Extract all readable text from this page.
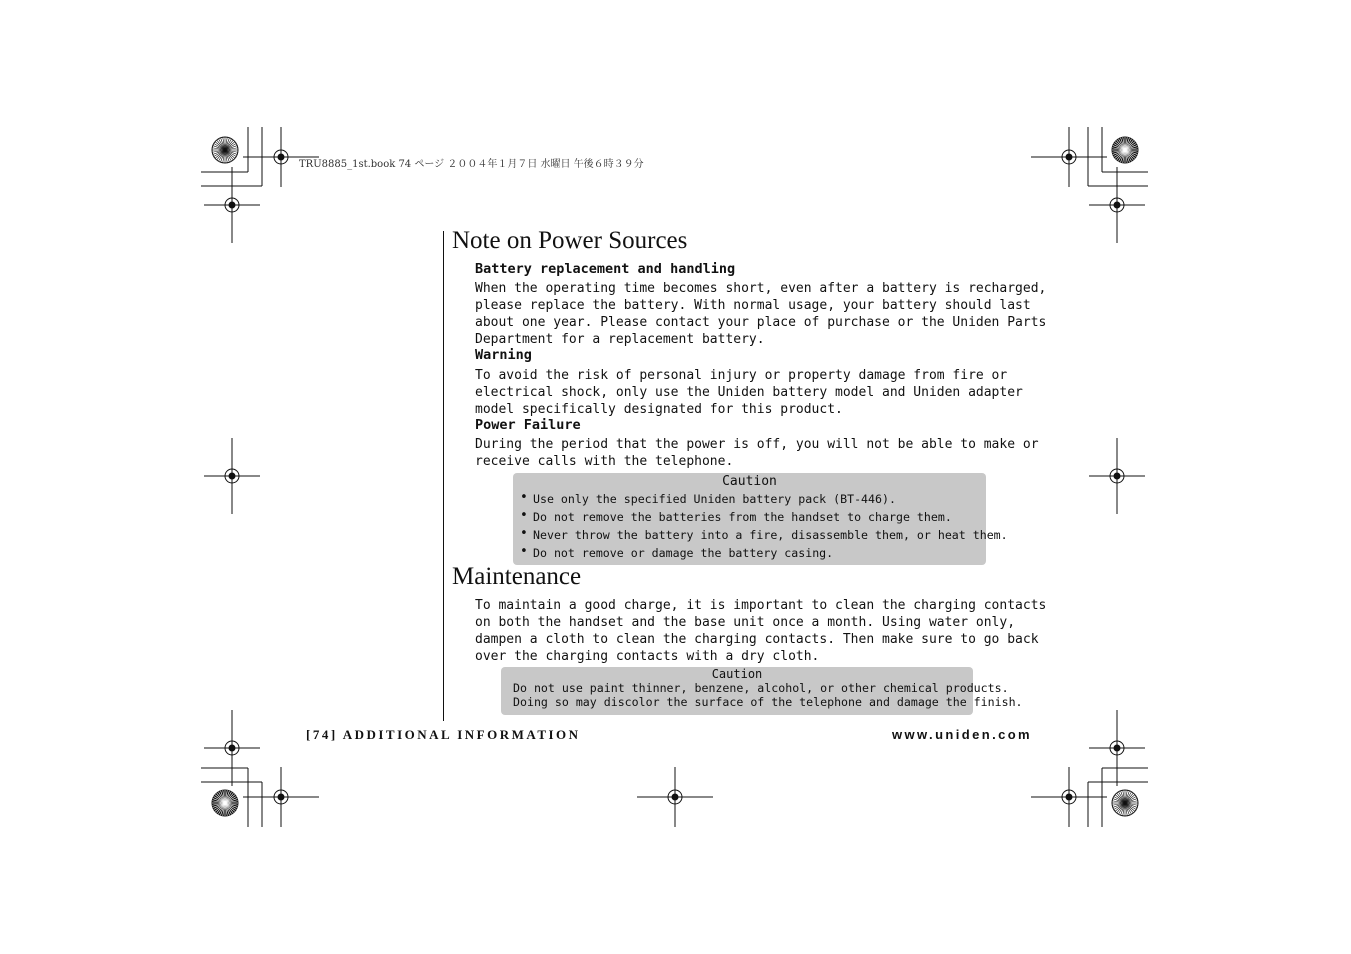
TRU8885_1st.book 74 ページ ２００４年１月７日 水曜日 午後６時３９分
Note on Power Sources
Battery replacement and handling

When the operating time becomes short, even after a battery is recharged, please replace the battery. With normal usage, your battery should last about one year. Please contact your place of purchase or the Uniden Parts Department for a replacement battery.

Warning

To avoid the risk of personal injury or property damage from fire or electrical shock, only use the Uniden battery model and Uniden adapter model specifically designated for this product.

Power Failure

During the period that the power is off, you will not be able to make or receive calls with the telephone.

Caution
• Use only the specified Uniden battery pack (BT-446).
• Do not remove the batteries from the handset to charge them.
• Never throw the battery into a fire, disassemble them, or heat them.
• Do not remove or damage the battery casing.
Maintenance

To maintain a good charge, it is important to clean the charging contacts on both the handset and the base unit once a month. Using water only, dampen a cloth to clean the charging contacts. Then make sure to go back over the charging contacts with a dry cloth.

Caution
Do not use paint thinner, benzene, alcohol, or other chemical products.
Doing so may discolor the surface of the telephone and damage the finish.
[74] ADDITIONAL INFORMATION	www.uniden.com
